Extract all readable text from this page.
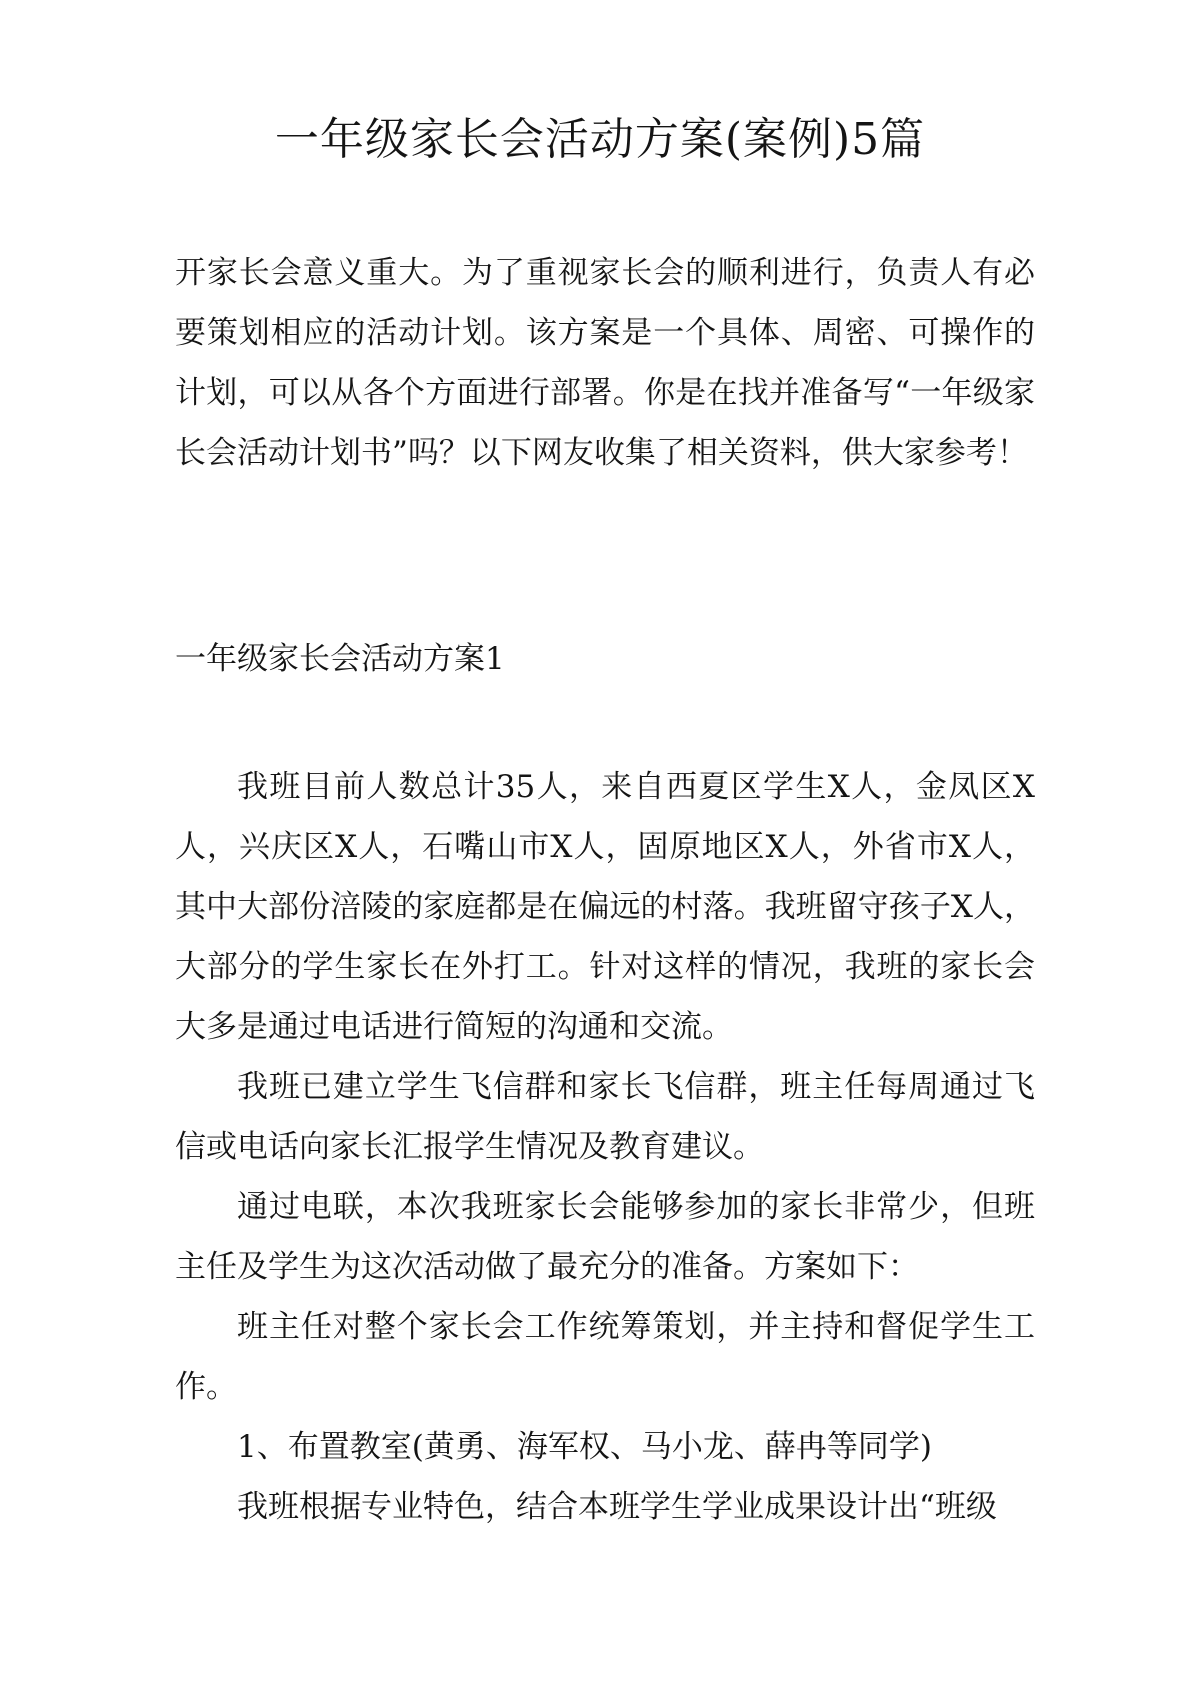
一年级家长会活动方案(案例)5篇

开家长会意义重大。为了重视家长会的顺利进行，负责人有必要策划相应的活动计划。该方案是一个具体、周密、可操作的计划，可以从各个方面进行部署。你是在找并准备写“一年级家长会活动计划书”吗？以下网友收集了相关资料，供大家参考！

一年级家长会活动方案1

我班目前人数总计35人，来自西夏区学生X人，金凤区X人，兴庆区X人，石嘴山市X人，固原地区X人，外省市X人，其中大部份涪陵的家庭都是在偏远的村落。我班留守孩子X人，大部分的学生家长在外打工。针对这样的情况，我班的家长会大多是通过电话进行简短的沟通和交流。

我班已建立学生飞信群和家长飞信群，班主任每周通过飞信或电话向家长汇报学生情况及教育建议。

通过电联，本次我班家长会能够参加的家长非常少，但班主任及学生为这次活动做了最充分的准备。方案如下：

班主任对整个家长会工作统筹策划，并主持和督促学生工作。

1、布置教室(黄勇、海军权、马小龙、薛冉等同学)

我班根据专业特色，结合本班学生学业成果设计出“班级
